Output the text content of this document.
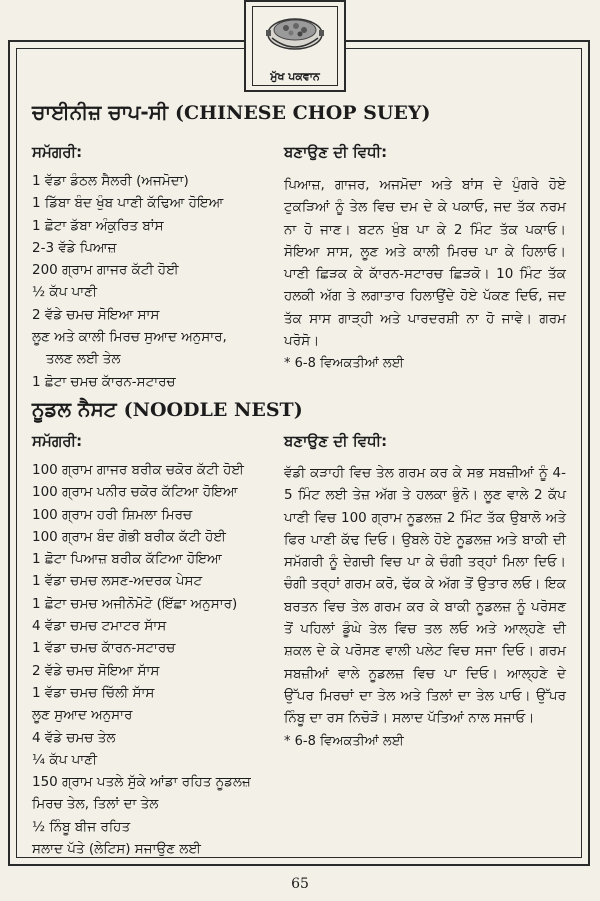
ਮੁੱਖ ਪਕਵਾਨ
ਚਾਈਨੀਜ਼ ਚਾਪ-ਸੀ (CHINESE CHOP SUEY)
ਸਮੱਗਰੀ:	ਬਣਾਉਣ ਦੀ ਵਿਧੀ:
1 ਵੱਡਾ ਡੰਠਲ ਸੈਲਰੀ (ਅਜਮੋਦਾ)
1 ਡਿੱਬਾ ਬੰਦ ਖੁੰਬ ਪਾਣੀ ਕੱਢਿਆ ਹੋਇਆ
1 ਛੋਟਾ ਡੱਬਾ ਅੰਕੁਰਿਤ ਬਾਂਸ
2-3 ਵੱਡੇ ਪਿਆਜ਼
200 ਗ੍ਰਾਮ ਗਾਜਰ ਕੱਟੀ ਹੋਈ
½ ਕੱਪ ਪਾਣੀ
2 ਵੱਡੇ ਚਮਚ ਸੋਇਆ ਸਾਸ
ਲੂਣ ਅਤੇ ਕਾਲੀ ਮਿਰਚ ਸੁਆਦ ਅਨੁਸਾਰ,
ਤਲਣ ਲਈ ਤੇਲ
1 ਛੋਟਾ ਚਮਚ ਕਾੱਰਨ-ਸਟਾਰਚ

ਪਿਆਜ਼, ਗਾਜਰ, ਅਜਮੋਦਾ ਅਤੇ ਬਾਂਸ ਦੇ ਪੁੰਗਰੇ ਹੋਏ ਟੁਕੜਿਆਂ ਨੂੰ ਤੇਲ ਵਿਚ ਦਮ ਦੇ ਕੇ ਪਕਾਓ, ਜਦ ਤੱਕ ਨਰਮ ਨਾ ਹੋ ਜਾਣ। ਬਟਨ ਖੁੰਬ ਪਾ ਕੇ 2 ਮਿੰਟ ਤੱਕ ਪਕਾਓ। ਸੋਇਆ ਸਾਸ, ਲੂਣ ਅਤੇ ਕਾਲੀ ਮਿਰਚ ਪਾ ਕੇ ਹਿਲਾਓ। ਪਾਣੀ ਛਿੜਕ ਕੇ ਕਾੱਰਨ-ਸਟਾਰਚ ਛਿੜਕੋ। 10 ਮਿੰਟ ਤੱਕ ਹਲਕੀ ਅੱਗ ਤੇ ਲਗਾਤਾਰ ਹਿਲਾਉਂਦੇ ਹੋਏ ਪੱਕਣ ਦਿਓ, ਜਦ ਤੱਕ ਸਾਸ ਗਾੜ੍ਹੀ ਅਤੇ ਪਾਰਦਰਸ਼ੀ ਨਾ ਹੋ ਜਾਵੇ। ਗਰਮ ਪਰੋਸੋ।

* 6-8 ਵਿਅਕਤੀਆਂ ਲਈ
ਨੂਡਲ ਨੈਸਟ (NOODLE NEST)
ਸਮੱਗਰੀ:	ਬਣਾਉਣ ਦੀ ਵਿਧੀ:
100 ਗ੍ਰਾਮ ਗਾਜਰ ਬਰੀਕ ਚਕੋਰ ਕੱਟੀ ਹੋਈ
100 ਗ੍ਰਾਮ ਪਨੀਰ ਚਕੋਰ ਕੱਟਿਆ ਹੋਇਆ
100 ਗ੍ਰਾਮ ਹਰੀ ਸ਼ਿਮਲਾ ਮਿਰਚ
100 ਗ੍ਰਾਮ ਬੰਦ ਗੋਭੀ ਬਰੀਕ ਕੱਟੀ ਹੋਈ
1 ਛੋਟਾ ਪਿਆਜ਼ ਬਰੀਕ ਕੱਟਿਆ ਹੋਇਆ
1 ਵੱਡਾ ਚਮਚ ਲਸਣ-ਅਦਰਕ ਪੇਸਟ
1 ਛੋਟਾ ਚਮਚ ਅਜੀਨੋਮੋਟੋ (ਇੱਛਾ ਅਨੁਸਾਰ)
4 ਵੱਡਾ ਚਮਚ ਟਮਾਟਰ ਸਾੱਸ
1 ਵੱਡਾ ਚਮਚ ਕਾੱਰਨ-ਸਟਾਰਚ
2 ਵੱਡੇ ਚਮਚ ਸੋਇਆ ਸਾੱਸ
1 ਵੱਡਾ ਚਮਚ ਚਿੱਲੀ ਸਾੱਸ
ਲੂਣ ਸੁਆਦ ਅਨੁਸਾਰ
4 ਵੱਡੇ ਚਮਚ ਤੇਲ
¼ ਕੱਪ ਪਾਣੀ
150 ਗ੍ਰਾਮ ਪਤਲੇ ਸੁੱਕੇ ਆਂਡਾ ਰਹਿਤ ਨੂਡਲਜ਼
ਮਿਰਚ ਤੇਲ, ਤਿਲਾਂ ਦਾ ਤੇਲ
½ ਨਿੰਬੂ ਬੀਜ ਰਹਿਤ
ਸਲਾਦ ਪੱਤੇ (ਲੇਟਿਸ) ਸਜਾਉਣ ਲਈ

ਵੱਡੀ ਕੜਾਹੀ ਵਿਚ ਤੇਲ ਗਰਮ ਕਰ ਕੇ ਸਭ ਸਬਜ਼ੀਆਂ ਨੂੰ 4-5 ਮਿੰਟ ਲਈ ਤੇਜ਼ ਅੱਗ ਤੇ ਹਲਕਾ ਭੁੰਨੋ। ਲੂਣ ਵਾਲੇ 2 ਕੱਪ ਪਾਣੀ ਵਿਚ 100 ਗ੍ਰਾਮ ਨੂਡਲਜ਼ 2 ਮਿੰਟ ਤੱਕ ਉਬਾਲੋ ਅਤੇ ਫਿਰ ਪਾਣੀ ਕੱਢ ਦਿਓ। ਉਬਲੇ ਹੋਏ ਨੂਡਲਜ਼ ਅਤੇ ਬਾਕੀ ਦੀ ਸਮੱਗਰੀ ਨੂੰ ਦੇਗਚੀ ਵਿਚ ਪਾ ਕੇ ਚੰਗੀ ਤਰ੍ਹਾਂ ਮਿਲਾ ਦਿਓ। ਚੰਗੀ ਤਰ੍ਹਾਂ ਗਰਮ ਕਰੋ, ਢੱਕ ਕੇ ਅੱਗ ਤੋਂ ਉਤਾਰ ਲਓ। ਇਕ ਬਰਤਨ ਵਿਚ ਤੇਲ ਗਰਮ ਕਰ ਕੇ ਬਾਕੀ ਨੂਡਲਜ਼ ਨੂੰ ਪਰੋਸਣ ਤੋਂ ਪਹਿਲਾਂ ਡੂੰਘੇ ਤੇਲ ਵਿਚ ਤਲ ਲਓ ਅਤੇ ਆਲ੍ਹਣੇ ਦੀ ਸ਼ਕਲ ਦੇ ਕੇ ਪਰੋਸਣ ਵਾਲੀ ਪਲੇਟ ਵਿਚ ਸਜਾ ਦਿਓ। ਗਰਮ ਸਬਜ਼ੀਆਂ ਵਾਲੇ ਨੂਡਲਜ਼ ਵਿਚ ਪਾ ਦਿਓ। ਆਲ੍ਹਣੇ ਦੇ ਉੱਪਰ ਮਿਰਚਾਂ ਦਾ ਤੇਲ ਅਤੇ ਤਿਲਾਂ ਦਾ ਤੇਲ ਪਾਓ। ਉੱਪਰ ਨਿੰਬੂ ਦਾ ਰਸ ਨਿਚੋੜੋ। ਸਲਾਦ ਪੱਤਿਆਂ ਨਾਲ ਸਜਾਓ।

* 6-8 ਵਿਅਕਤੀਆਂ ਲਈ
65
